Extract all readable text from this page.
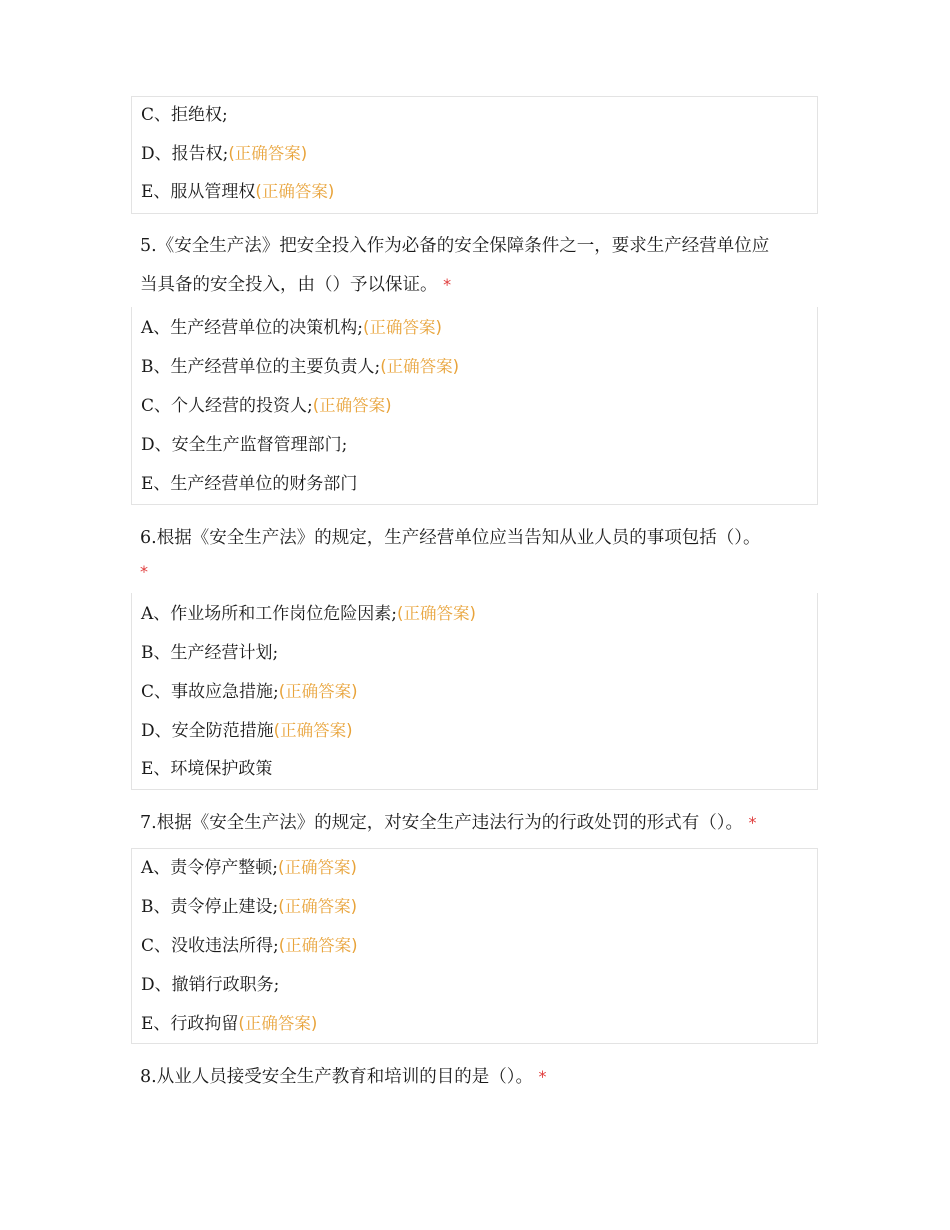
C、拒绝权;
D、报告权;(正确答案)
E、服从管理权(正确答案)
5.《安全生产法》把安全投入作为必备的安全保障条件之一，要求生产经营单位应
当具备的安全投入，由（）予以保证。 *
A、生产经营单位的决策机构;(正确答案)
B、生产经营单位的主要负责人;(正确答案)
C、个人经营的投资人;(正确答案)
D、安全生产监督管理部门;
E、生产经营单位的财务部门
6.根据《安全生产法》的规定，生产经营单位应当告知从业人员的事项包括（）。
*
A、作业场所和工作岗位危险因素;(正确答案)
B、生产经营计划;
C、事故应急措施;(正确答案)
D、安全防范措施(正确答案)
E、环境保护政策
7.根据《安全生产法》的规定，对安全生产违法行为的行政处罚的形式有（）。 *
A、责令停产整顿;(正确答案)
B、责令停止建设;(正确答案)
C、没收违法所得;(正确答案)
D、撤销行政职务;
E、行政拘留(正确答案)
8.从业人员接受安全生产教育和培训的目的是（）。 *
